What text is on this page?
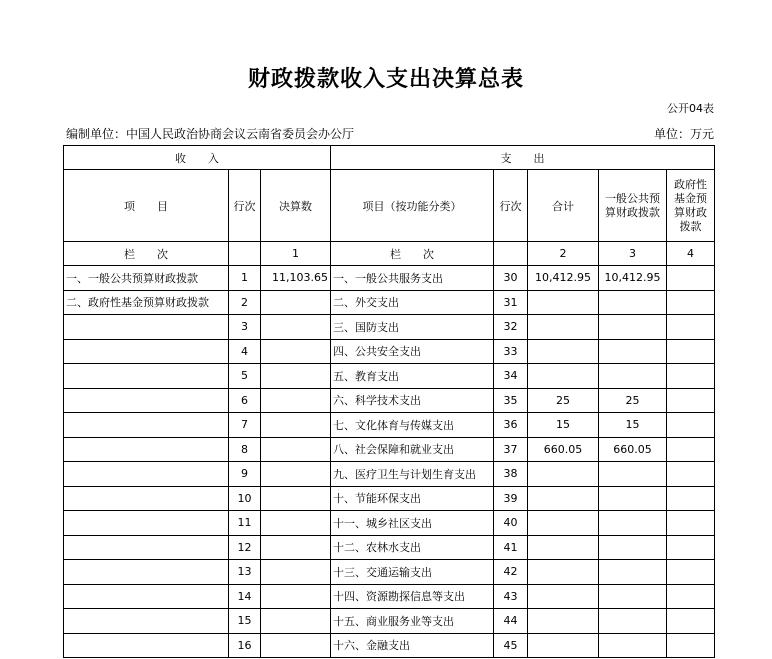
财政拨款收入支出决算总表
公开04表
编制单位：中国人民政治协商会议云南省委员会办公厅	单位：万元
收　　入			支　　出				
项　　目	行次	决算数	项目（按功能分类）	行次	合计	一般公共预算财政拨款	政府性基金预算财政拨款
栏　　次		1	栏　　次		2	3	4
一、一般公共预算财政拨款	1	11,103.65	一、一般公共服务支出	30	10,412.95	10,412.95	
二、政府性基金预算财政拨款	2		二、外交支出	31			
	3		三、国防支出	32			
	4		四、公共安全支出	33			
	5		五、教育支出	34			
	6		六、科学技术支出	35	25	25	
	7		七、文化体育与传媒支出	36	15	15	
	8		八、社会保障和就业支出	37	660.05	660.05	
	9		九、医疗卫生与计划生育支出	38			
	10		十、节能环保支出	39			
	11		十一、城乡社区支出	40			
	12		十二、农林水支出	41			
	13		十三、交通运输支出	42			
	14		十四、资源勘探信息等支出	43			
	15		十五、商业服务业等支出	44			
	16		十六、金融支出	45			
